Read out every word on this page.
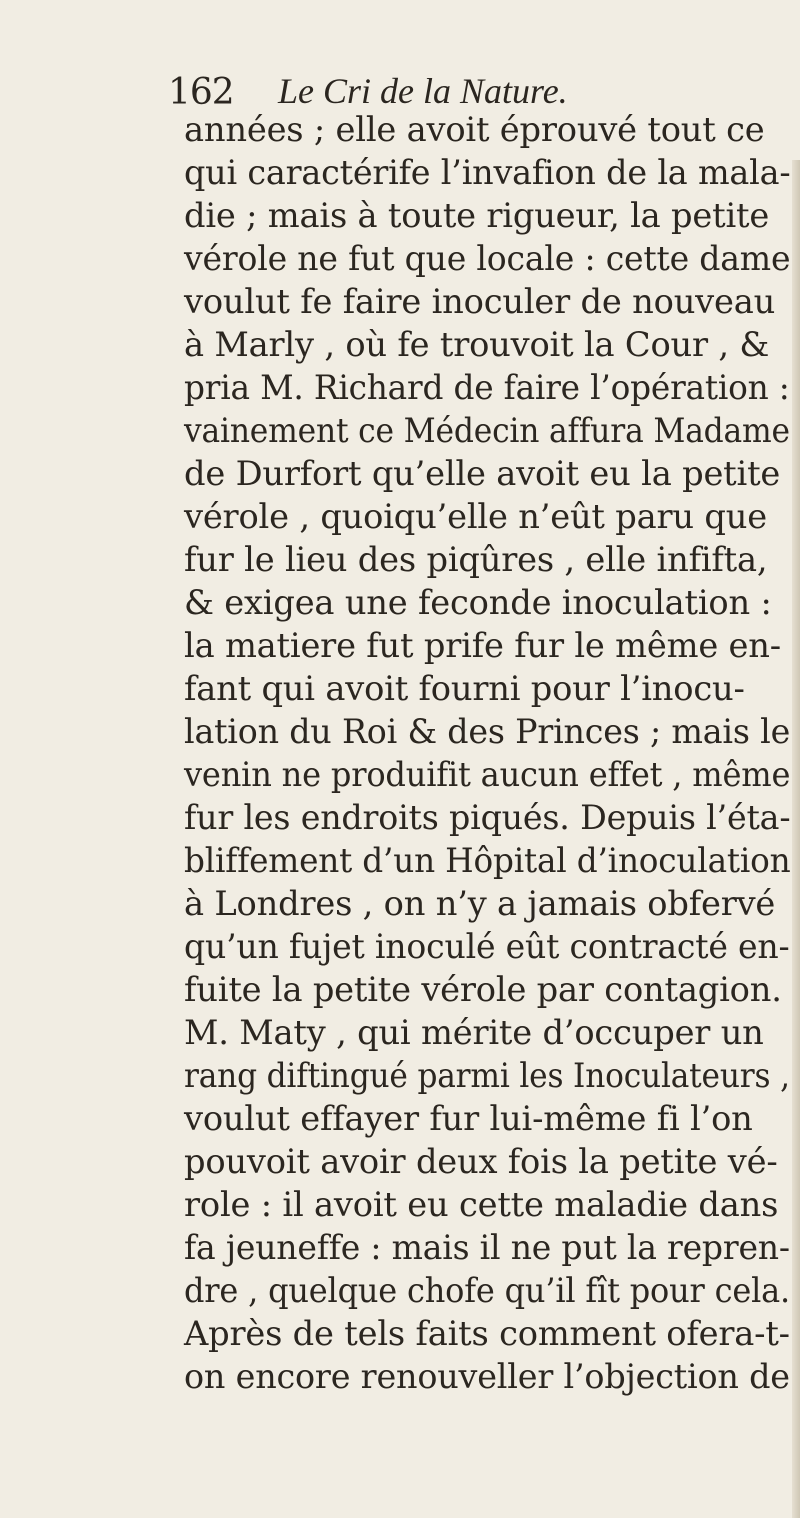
162 Le Cri de la Nature.
années ; elle avoit éprouvé tout ce
qui caractérife l’invafion de la mala-
die ; mais à toute rigueur, la petite
vérole ne fut que locale : cette dame
voulut fe faire inoculer de nouveau
à Marly , où fe trouvoit la Cour , &
pria M. Richard de faire l’opération :
vainement ce Médecin affura Madame
de Durfort qu’elle avoit eu la petite
vérole , quoiqu’elle n’eût paru que
fur le lieu des piqûres , elle infifta,
& exigea une feconde inoculation :
la matiere fut prife fur le même en-
fant qui avoit fourni pour l’inocu-
lation du Roi & des Princes ; mais le
venin ne produifit aucun effet , même
fur les endroits piqués. Depuis l’éta-
bliffement d’un Hôpital d’inoculation
à Londres , on n’y a jamais obfervé
qu’un fujet inoculé eût contracté en-
fuite la petite vérole par contagion.
M. Maty , qui mérite d’occuper un
rang diftingué parmi les Inoculateurs ,
voulut effayer fur lui-même fi l’on
pouvoit avoir deux fois la petite vé-
role : il avoit eu cette maladie dans
fa jeuneffe : mais il ne put la repren-
dre , quelque chofe qu’il fît pour cela.
Après de tels faits comment ofera-t-
on encore renouveller l’objection de
